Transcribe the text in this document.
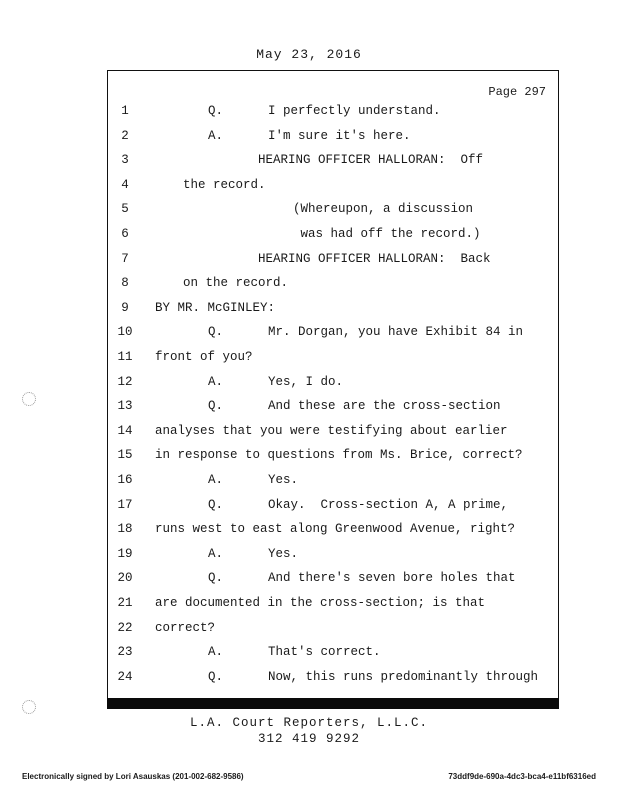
May 23, 2016
Page 297
1	Q.      I perfectly understand.
2	A.      I'm sure it's here.
3	HEARING OFFICER HALLORAN:  Off
4	the record.
5	(Whereupon, a discussion
6	was had off the record.)
7	HEARING OFFICER HALLORAN:  Back
8	on the record.
9	BY MR. McGINLEY:
10	Q.      Mr. Dorgan, you have Exhibit 84 in
11	front of you?
12	A.      Yes, I do.
13	Q.      And these are the cross-section
14	analyses that you were testifying about earlier
15	in response to questions from Ms. Brice, correct?
16	A.      Yes.
17	Q.      Okay.  Cross-section A, A prime,
18	runs west to east along Greenwood Avenue, right?
19	A.      Yes.
20	Q.      And there's seven bore holes that
21	are documented in the cross-section; is that
22	correct?
23	A.      That's correct.
24	Q.      Now, this runs predominantly through
L.A. Court Reporters, L.L.C.
312 419 9292
Electronically signed by Lori Asauskas (201-002-682-9586)	73ddf9de-690a-4dc3-bca4-e11bf6316ed
